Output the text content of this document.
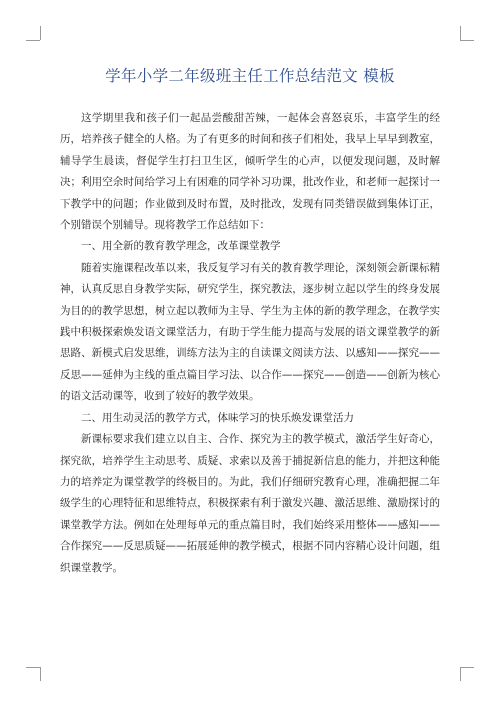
学年小学二年级班主任工作总结范文 模板

这学期里我和孩子们一起品尝酸甜苦辣，一起体会喜怒哀乐，丰富学生的经历，培养孩子健全的人格。为了有更多的时间和孩子们相处，我早上早早到教室，辅导学生晨读，督促学生打扫卫生区，倾听学生的心声，以便发现问题，及时解决；利用空余时间给学习上有困难的同学补习功课，批改作业，和老师一起探讨一下教学中的问题；作业做到及时布置，及时批改，发现有同类错误做到集体订正，个别错误个别辅导。现将教学工作总结如下：

一、用全新的教育教学理念，改革课堂教学

随着实施课程改革以来，我反复学习有关的教育教学理论，深刻领会新课标精神，认真反思自身教学实际，研究学生，探究教法，逐步树立起以学生的终身发展为目的的教学思想，树立起以教师为主导、学生为主体的新的教学理念，在教学实践中积极探索焕发语文课堂活力，有助于学生能力提高与发展的语文课堂教学的新思路、新模式启发思维，训练方法为主的自读课文阅读方法、以感知——探究——反思——延伸为主线的重点篇目学习法、以合作——探究——创造——创新为核心的语文活动课等，收到了较好的教学效果。

二、用生动灵活的教学方式，体味学习的快乐焕发课堂活力

新课标要求我们建立以自主、合作、探究为主的教学模式，激活学生好奇心，探究欲，培养学生主动思考、质疑、求索以及善于捕捉新信息的能力，并把这种能力的培养定为课堂教学的终极目的。为此，我们仔细研究教育心理，准确把握二年级学生的心理特征和思维特点，积极探索有利于激发兴趣、激活思维、激励探讨的课堂教学方法。例如在处理每单元的重点篇目时，我们始终采用整体——感知——合作探究——反思质疑——拓展延伸的教学模式，根据不同内容精心设计问题，组织课堂教学。
